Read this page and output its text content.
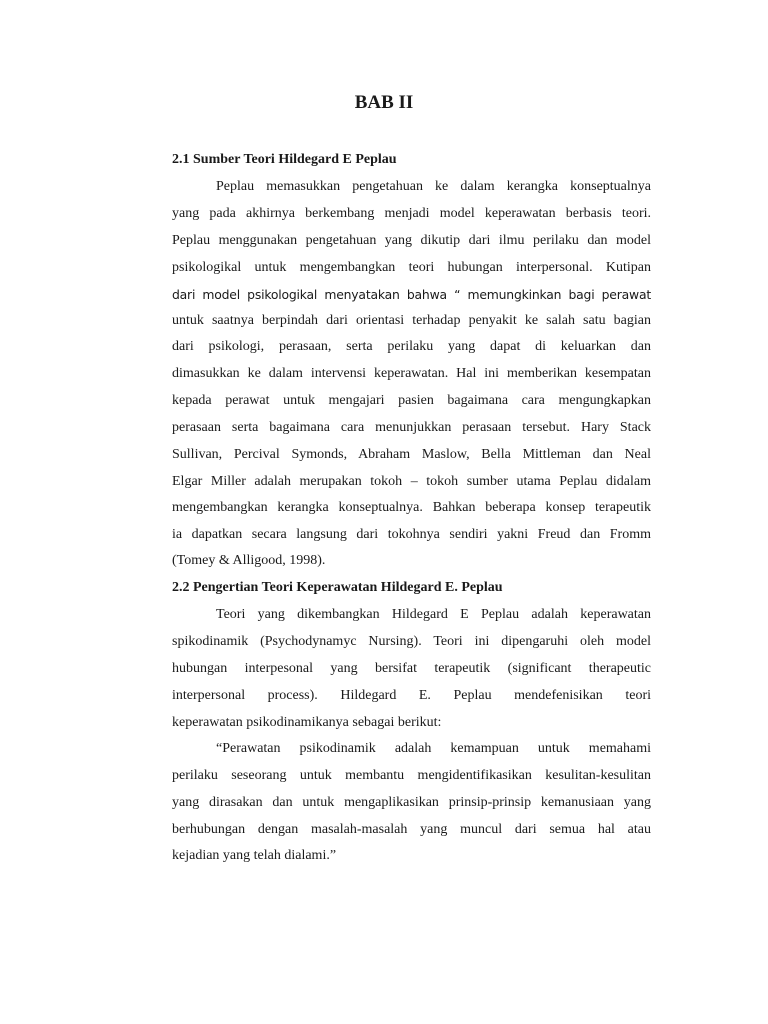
BAB II
2.1 Sumber Teori Hildegard E Peplau
Peplau memasukkan pengetahuan ke dalam kerangka konseptualnya
yang pada akhirnya berkembang menjadi model keperawatan berbasis teori.
Peplau menggunakan pengetahuan yang dikutip dari ilmu perilaku dan model
psikologikal untuk mengembangkan teori hubungan interpersonal. Kutipan
dari model psikologikal menyatakan bahwa “ memungkinkan bagi perawat
untuk saatnya berpindah dari orientasi terhadap penyakit ke salah satu bagian
dari psikologi, perasaan, serta perilaku yang dapat di keluarkan dan
dimasukkan ke dalam intervensi keperawatan. Hal ini memberikan kesempatan
kepada perawat untuk mengajari pasien bagaimana cara mengungkapkan
perasaan serta bagaimana cara menunjukkan perasaan tersebut. Hary Stack
Sullivan, Percival Symonds, Abraham Maslow, Bella Mittleman dan Neal
Elgar Miller adalah merupakan tokoh – tokoh sumber utama Peplau didalam
mengembangkan kerangka konseptualnya. Bahkan beberapa konsep terapeutik
ia dapatkan secara langsung dari tokohnya sendiri yakni Freud dan Fromm
(Tomey & Alligood, 1998).
2.2 Pengertian Teori Keperawatan Hildegard E. Peplau
Teori yang dikembangkan Hildegard E Peplau adalah keperawatan
spikodinamik (Psychodynamyc Nursing). Teori ini dipengaruhi oleh model
hubungan interpesonal yang bersifat terapeutik (significant therapeutic
interpersonal process). Hildegard E. Peplau mendefenisikan teori
keperawatan psikodinamikanya sebagai berikut:
“Perawatan psikodinamik adalah kemampuan untuk memahami
perilaku seseorang untuk membantu mengidentifikasikan kesulitan-kesulitan
yang dirasakan dan untuk mengaplikasikan prinsip-prinsip kemanusiaan yang
berhubungan dengan masalah-masalah yang muncul dari semua hal atau
kejadian yang telah dialami.”
